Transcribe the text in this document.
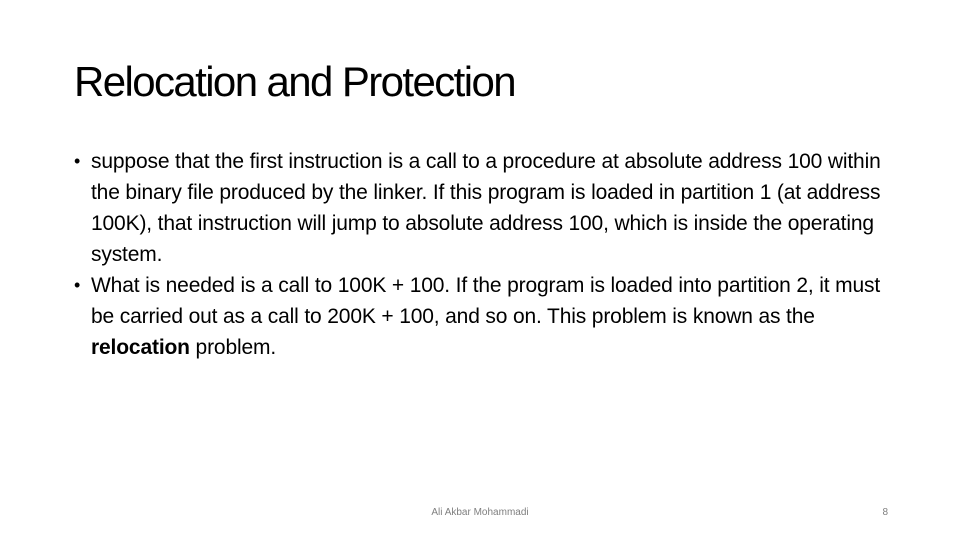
Relocation and Protection
• suppose that the first instruction is a call to a procedure at absolute address 100 within the binary file produced by the linker. If this program is loaded in partition 1 (at address 100K), that instruction will jump to absolute address 100, which is inside the operating system.
• What is needed is a call to 100K + 100. If the program is loaded into partition 2, it must be carried out as a call to 200K + 100, and so on. This problem is known as the relocation problem.
Ali Akbar Mohammadi	8
